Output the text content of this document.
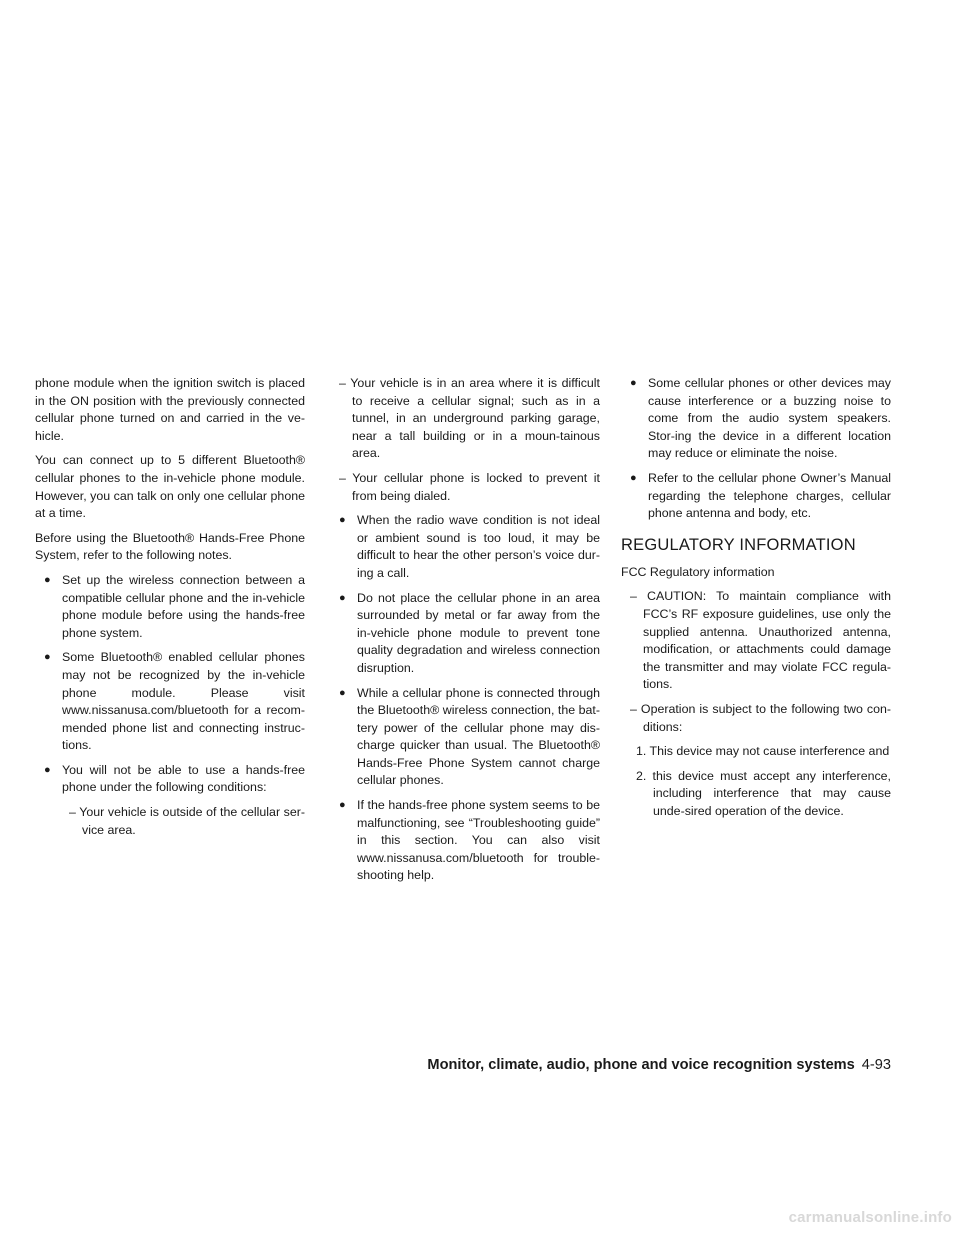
phone module when the ignition switch is placed in the ON position with the previously connected cellular phone turned on and carried in the ve-hicle.

You can connect up to 5 different Bluetooth® cellular phones to the in-vehicle phone module. However, you can talk on only one cellular phone at a time.

Before using the Bluetooth® Hands-Free Phone System, refer to the following notes.

● Set up the wireless connection between a compatible cellular phone and the in-vehicle phone module before using the hands-free phone system.
● Some Bluetooth® enabled cellular phones may not be recognized by the in-vehicle phone module. Please visit www.nissanusa.com/bluetooth for a recom-mended phone list and connecting instruc-tions.
● You will not be able to use a hands-free phone under the following conditions:
– Your vehicle is outside of the cellular ser-vice area.
– Your vehicle is in an area where it is difficult to receive a cellular signal; such as in a tunnel, in an underground parking garage, near a tall building or in a moun-tainous area.
– Your cellular phone is locked to prevent it from being dialed.
● When the radio wave condition is not ideal or ambient sound is too loud, it may be difficult to hear the other person’s voice dur-ing a call.
● Do not place the cellular phone in an area surrounded by metal or far away from the in-vehicle phone module to prevent tone quality degradation and wireless connection disruption.
● While a cellular phone is connected through the Bluetooth® wireless connection, the bat-tery power of the cellular phone may dis-charge quicker than usual. The Bluetooth® Hands-Free Phone System cannot charge cellular phones.
● If the hands-free phone system seems to be malfunctioning, see “Troubleshooting guide” in this section. You can also visit www.nissanusa.com/bluetooth for trouble-shooting help.
● Some cellular phones or other devices may cause interference or a buzzing noise to come from the audio system speakers. Stor-ing the device in a different location may reduce or eliminate the noise.
● Refer to the cellular phone Owner’s Manual regarding the telephone charges, cellular phone antenna and body, etc.
REGULATORY INFORMATION

FCC Regulatory information

– CAUTION: To maintain compliance with FCC’s RF exposure guidelines, use only the supplied antenna. Unauthorized antenna, modification, or attachments could damage the transmitter and may violate FCC regula-tions.
– Operation is subject to the following two con-ditions:
1. This device may not cause interference and
2. this device must accept any interference, including interference that may cause unde-sired operation of the device.
Monitor, climate, audio, phone and voice recognition systems 4-93
carmanualsonline.info
